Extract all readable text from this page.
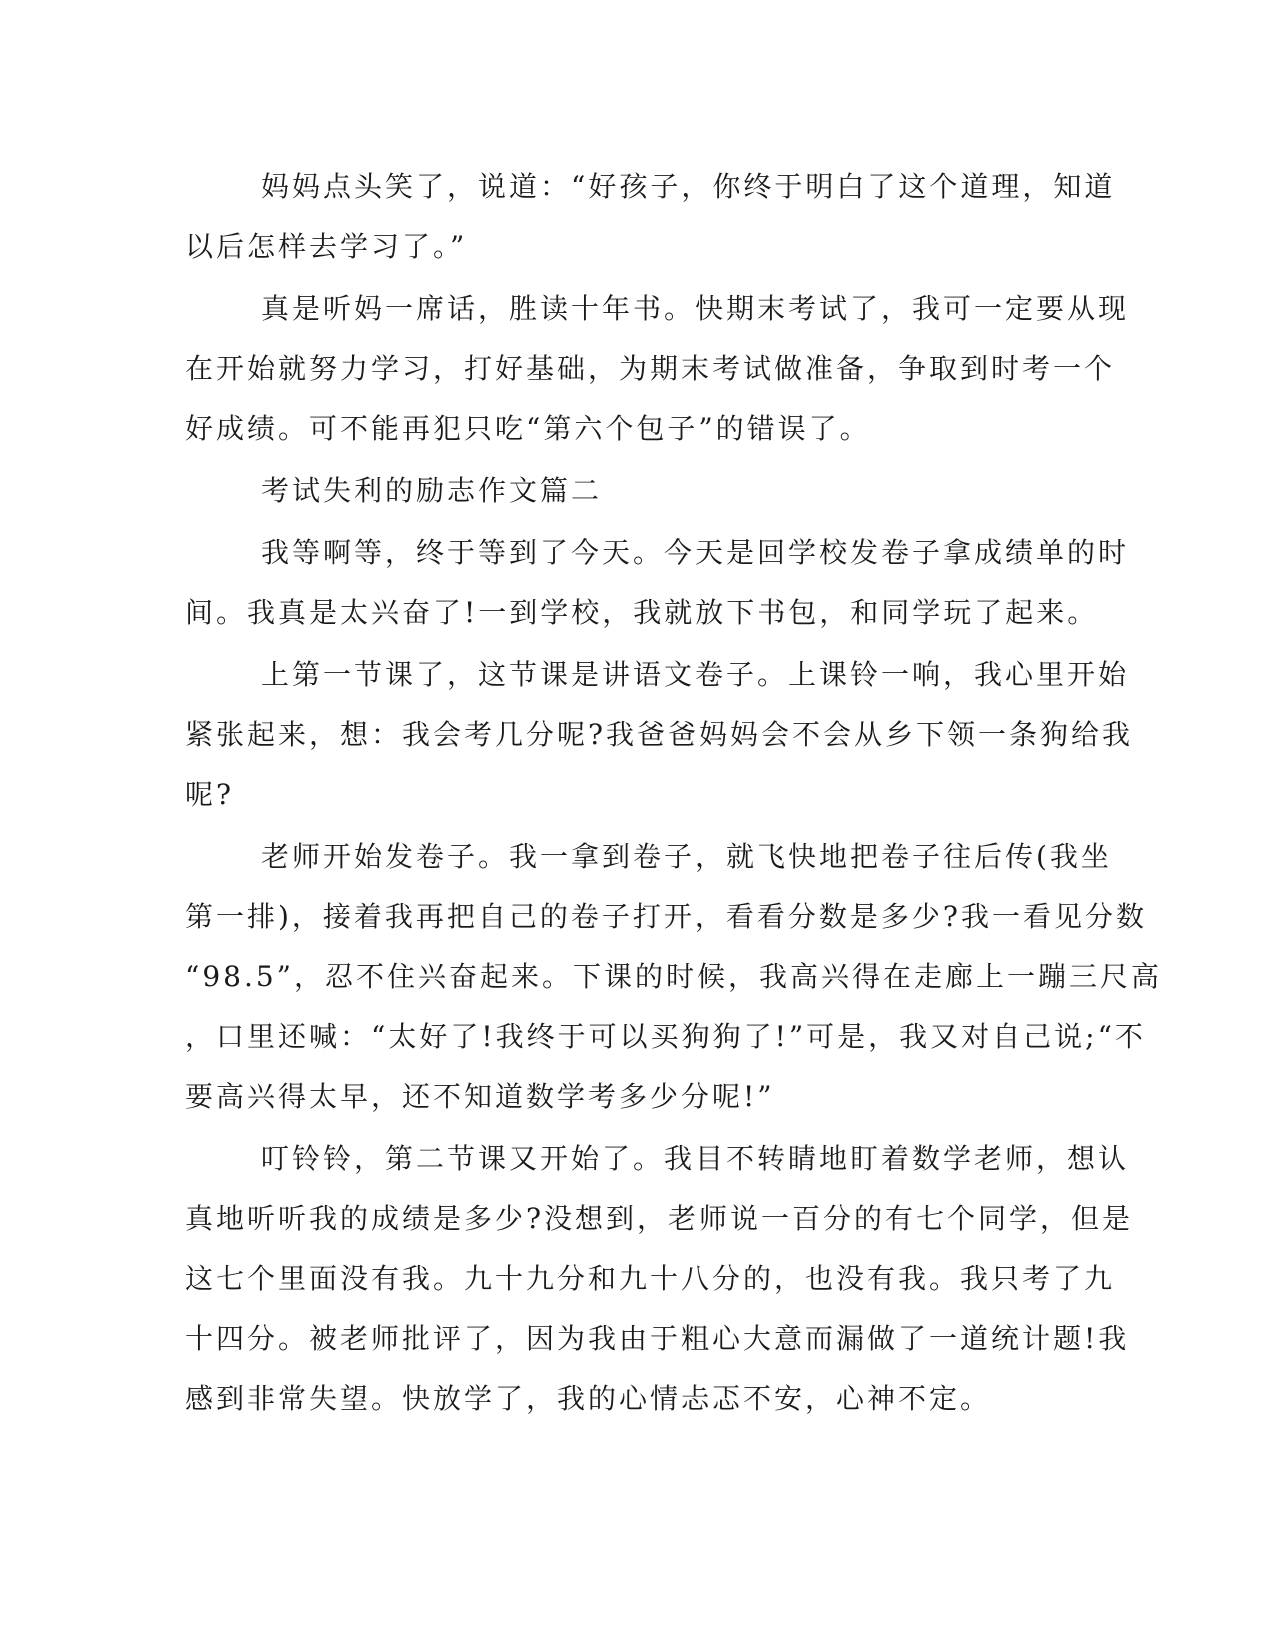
妈妈点头笑了，说道：“好孩子，你终于明白了这个道理，知道
以后怎样去学习了。”
真是听妈一席话，胜读十年书。快期末考试了，我可一定要从现
在开始就努力学习，打好基础，为期末考试做准备，争取到时考一个
好成绩。可不能再犯只吃“第六个包子”的错误了。
考试失利的励志作文篇二
我等啊等，终于等到了今天。今天是回学校发卷子拿成绩单的时
间。我真是太兴奋了!一到学校，我就放下书包，和同学玩了起来。
上第一节课了，这节课是讲语文卷子。上课铃一响，我心里开始
紧张起来，想：我会考几分呢?我爸爸妈妈会不会从乡下领一条狗给我
呢?
老师开始发卷子。我一拿到卷子，就飞快地把卷子往后传(我坐
第一排)，接着我再把自己的卷子打开，看看分数是多少?我一看见分数
“98.5”，忍不住兴奋起来。下课的时候，我高兴得在走廊上一蹦三尺高
，口里还喊：“太好了!我终于可以买狗狗了!”可是，我又对自己说;“不
要高兴得太早，还不知道数学考多少分呢!”
叮铃铃，第二节课又开始了。我目不转睛地盯着数学老师，想认
真地听听我的成绩是多少?没想到，老师说一百分的有七个同学，但是
这七个里面没有我。九十九分和九十八分的，也没有我。我只考了九
十四分。被老师批评了，因为我由于粗心大意而漏做了一道统计题!我
感到非常失望。快放学了，我的心情忐忑不安，心神不定。
